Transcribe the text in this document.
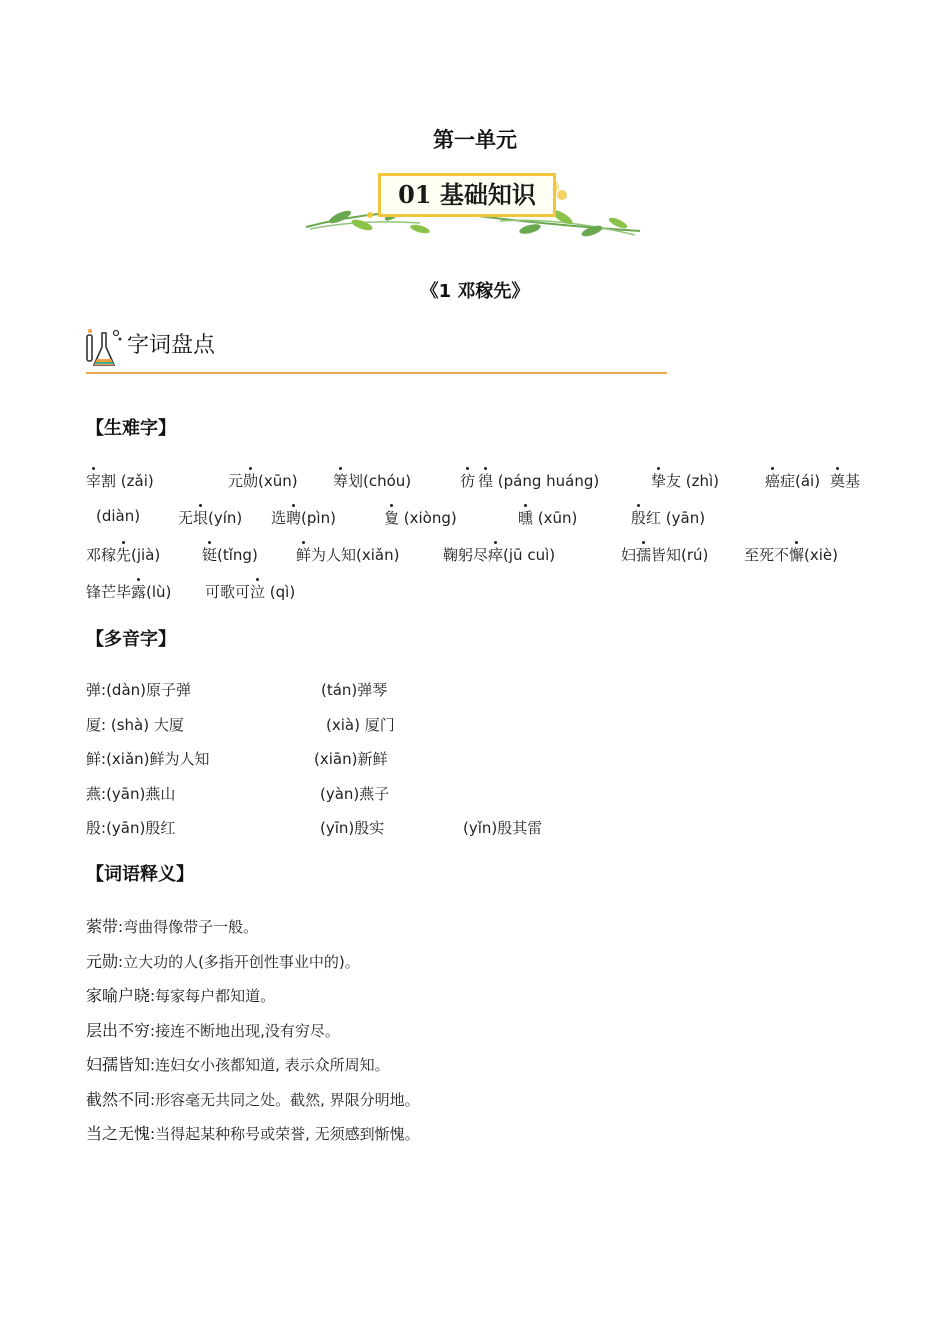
第一单元
01 基础知识
《1 邓稼先》
字词盘点
【生难字】
宰割 (zǎi)	元勋(xūn) 筹划(chóu)	彷 徨 (páng huáng)	挚友 (zhì)	癌症(ái) 奠基
(diàn)	无垠(yín) 选聘(pìn)	夐 (xiòng)	曛 (xūn)	殷红 (yān)
邓稼先(jià)	铤(tǐng)	鲜为人知(xiǎn)	鞠躬尽瘁(jū cuì)	妇孺皆知(rú) 至死不懈(xiè)
锋芒毕露(lù) 可歌可泣 (qì)
【多音字】
弹:(dàn)原子弹	(tán)弹琴
厦: (shà) 大厦	(xià) 厦门
鲜:(xiǎn)鲜为人知	(xiān)新鲜
燕:(yān)燕山	(yàn)燕子
殷:(yān)殷红	(yīn)殷实	(yǐn)殷其雷
【词语释义】
萦带:弯曲得像带子一般。
元勋:立大功的人(多指开创性事业中的)。
家喻户晓:每家每户都知道。
层出不穷:接连不断地出现,没有穷尽。
妇孺皆知:连妇女小孩都知道, 表示众所周知。
截然不同:形容毫无共同之处。截然, 界限分明地。
当之无愧:当得起某种称号或荣誉, 无须感到惭愧。
